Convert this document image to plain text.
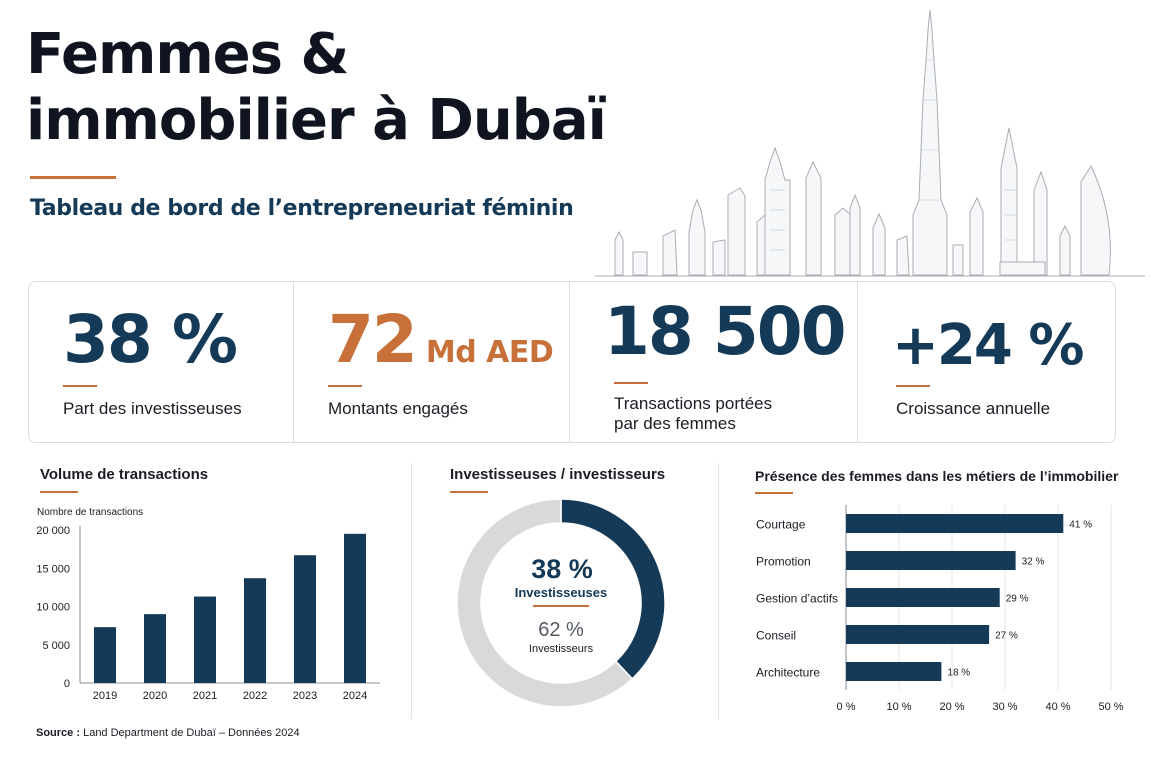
Femmes &
immobilier à Dubaï
Tableau de bord de l’entrepreneuriat féminin
38 %
Part des investisseuses
72 Md AED
Montants engagés
18 500
Transactions portées
par des femmes
+24 %
Croissance annuelle
Volume de transactions	Investisseuses / investisseurs	Présence des femmes dans les métiers de l’immobilier
Nombre de transactions
0
5 000
10 000
15 000
20 000
2019 2020 2021 2022 2023 2024
38 %
Investisseuses
62 %
Investisseurs
0 %	10 %	20 %	30 %	40 %	50 %
Courtage	41 %
Promotion	32 %
Gestion d’actifs	29 %
Conseil	27 %
Architecture	18 %
Source : Land Department de Dubaï – Données 2024
